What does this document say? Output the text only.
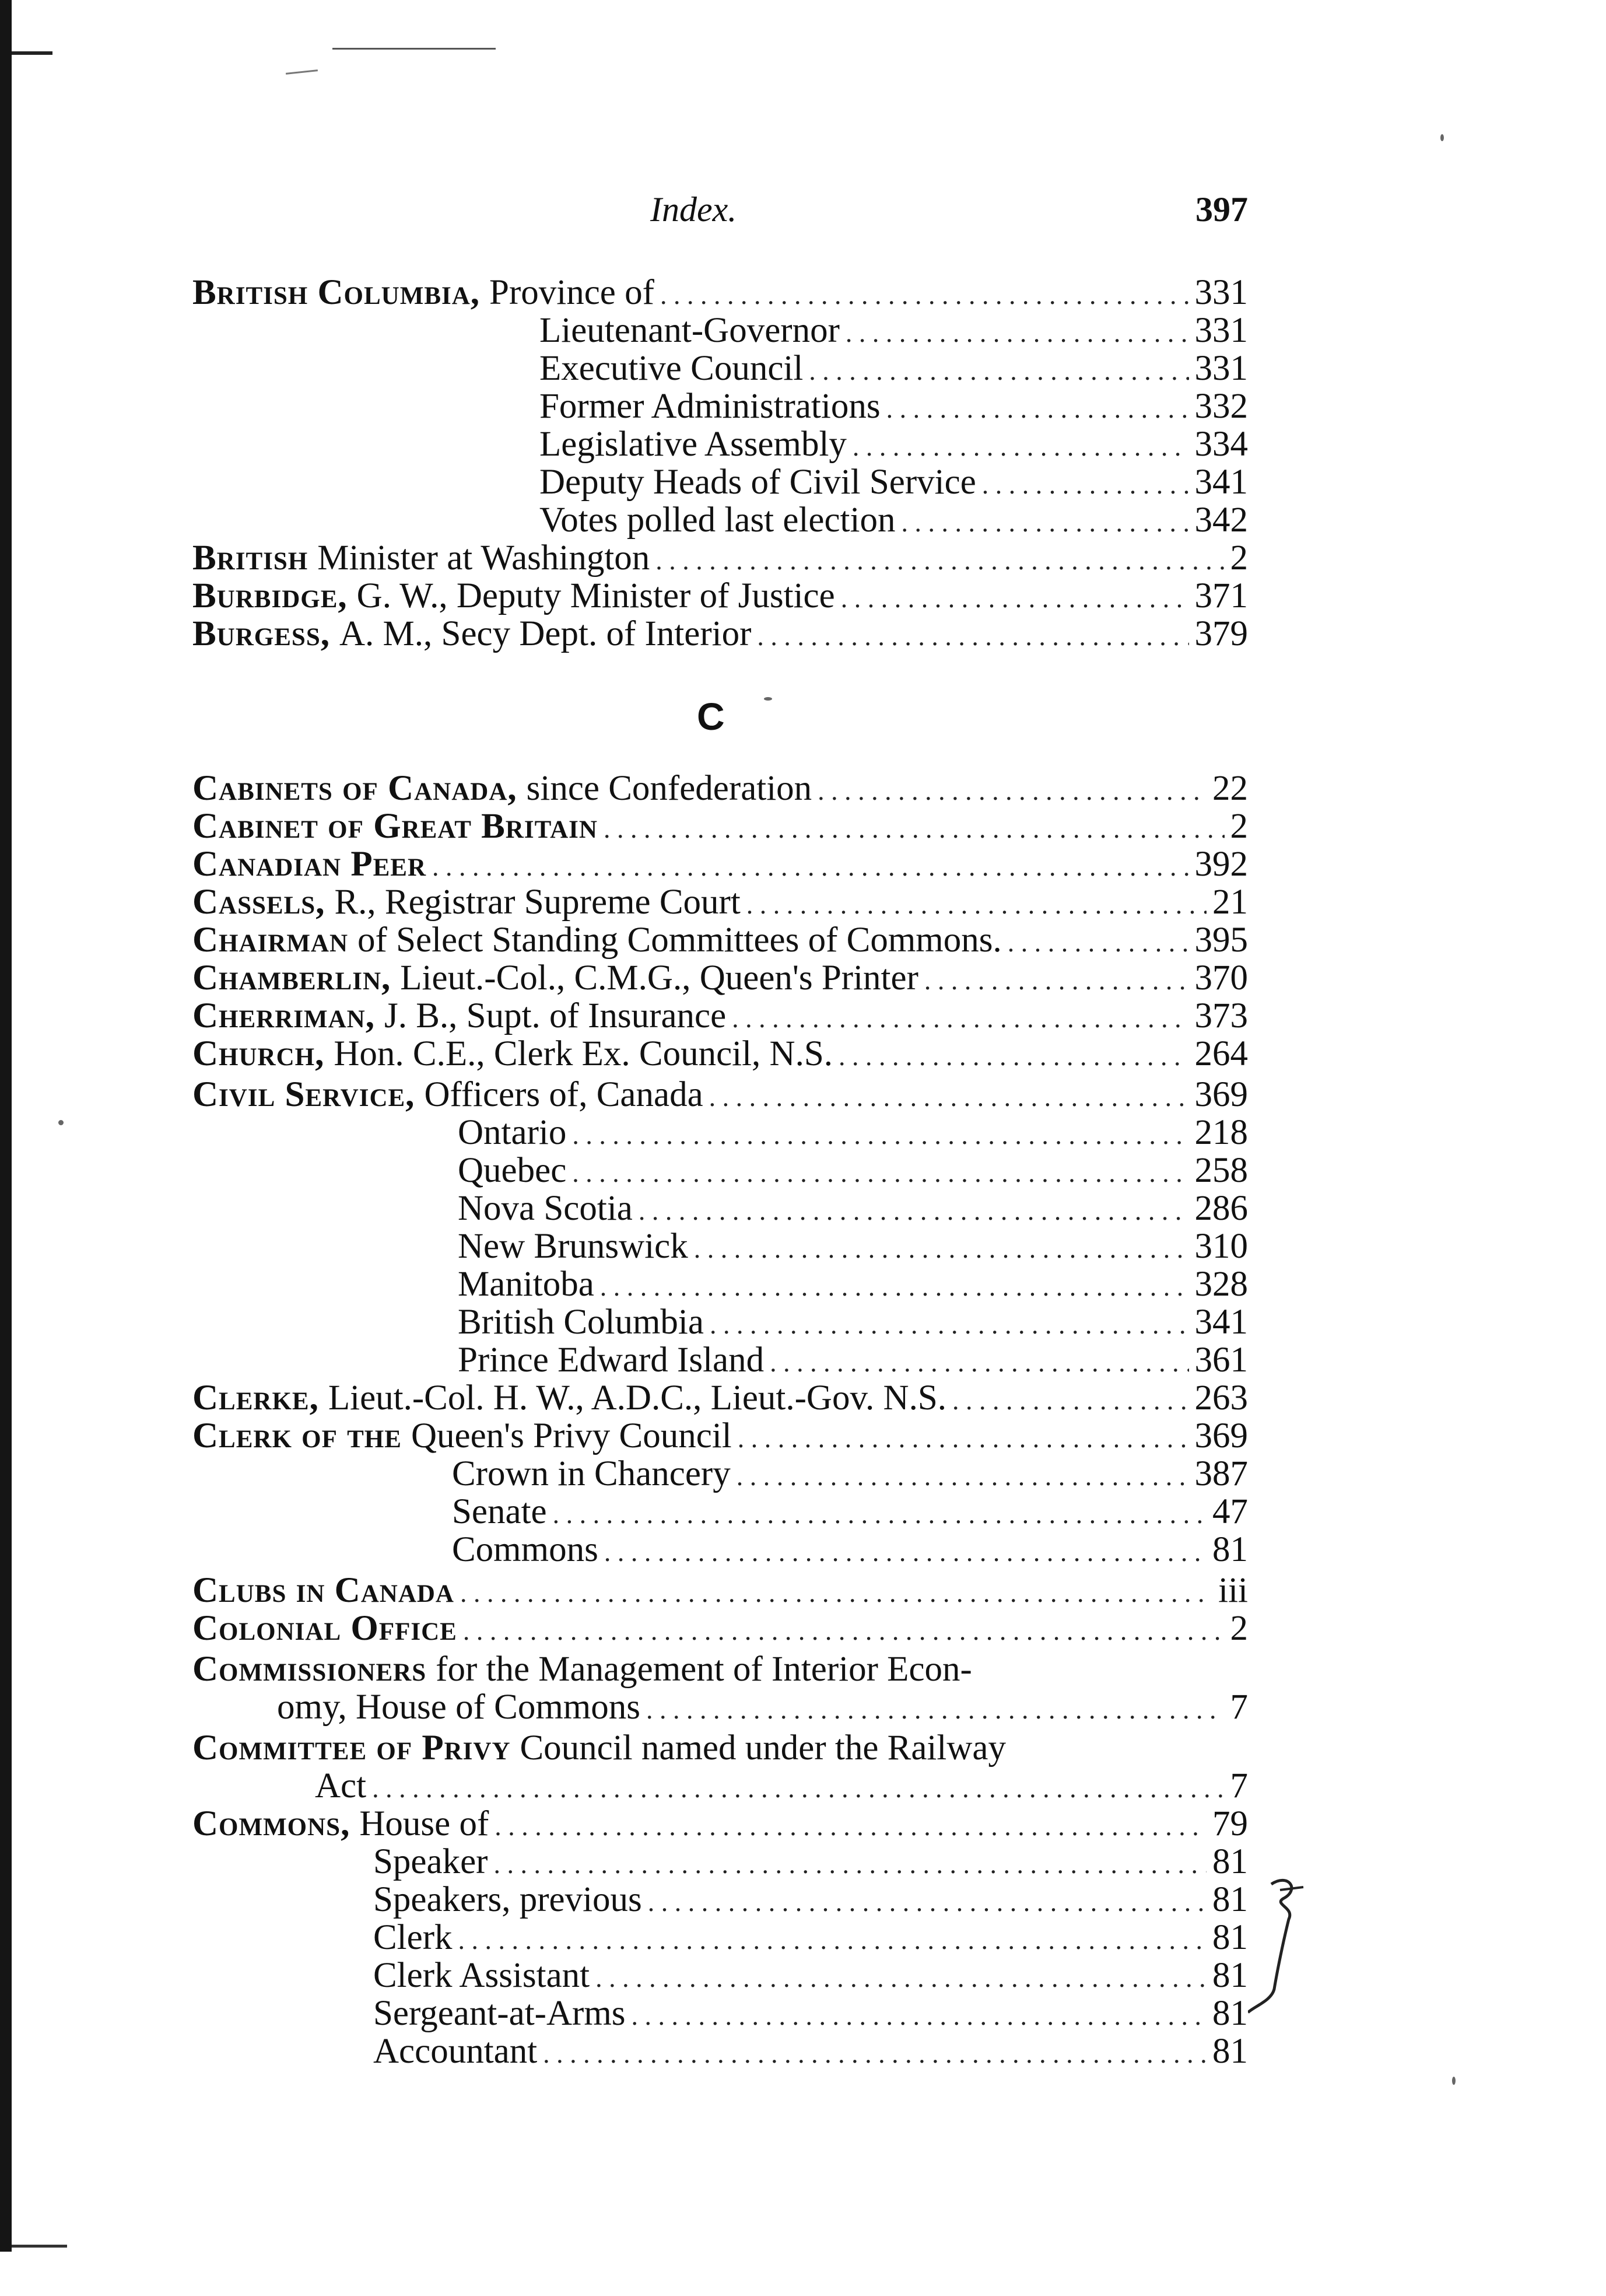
Index.	397
C
British Columbia, Province of . . .	331
Lieutenant-Governor . . .	331
Executive Council . . .	331
Former Administrations . . .	332
Legislative Assembly . . .	334
Deputy Heads of Civil Service . . .	341
Votes polled last election . . .	342
British Minister at Washington . . .	2
Burbidge, G. W., Deputy Minister of Justice . . .	371
Burgess, A. M., Secy Dept. of Interior . . .	379
Cabinets of Canada, since Confederation . . .	22
Cabinet of Great Britain . . .	2
Canadian Peer . . .	392
Cassels, R., Registrar Supreme Court . . .	21
Chairman of Select Standing Committees of Commons. . . .	395
Chamberlin, Lieut.-Col., C.M.G., Queen's Printer . . .	370
Cherriman, J. B., Supt. of Insurance . . .	373
Church, Hon. C.E., Clerk Ex. Council, N.S. . . .	264
Civil Service, Officers of, Canada . . .	369
Ontario . . .	218
Quebec . . .	258
Nova Scotia . . .	286
New Brunswick . . .	310
Manitoba . . .	328
British Columbia . . .	341
Prince Edward Island . . .	361
Clerke, Lieut.-Col. H. W., A.D.C., Lieut.-Gov. N.S. . . .	263
Clerk of the Queen's Privy Council . . .	369
Crown in Chancery . . .	387
Senate . . .	47
Commons . . .	81
Clubs in Canada . . .	iii
Colonial Office . . .	2
Commissioners for the Management of Interior Econ-
omy, House of Commons . . .	7
Committee of Privy Council named under the Railway
Act . . .	7
Commons, House of . . .	79
Speaker . . .	81
Speakers, previous . . .	81
Clerk . . .	81
Clerk Assistant . . .	81
Sergeant-at-Arms . . .	81
Accountant . . .	81
